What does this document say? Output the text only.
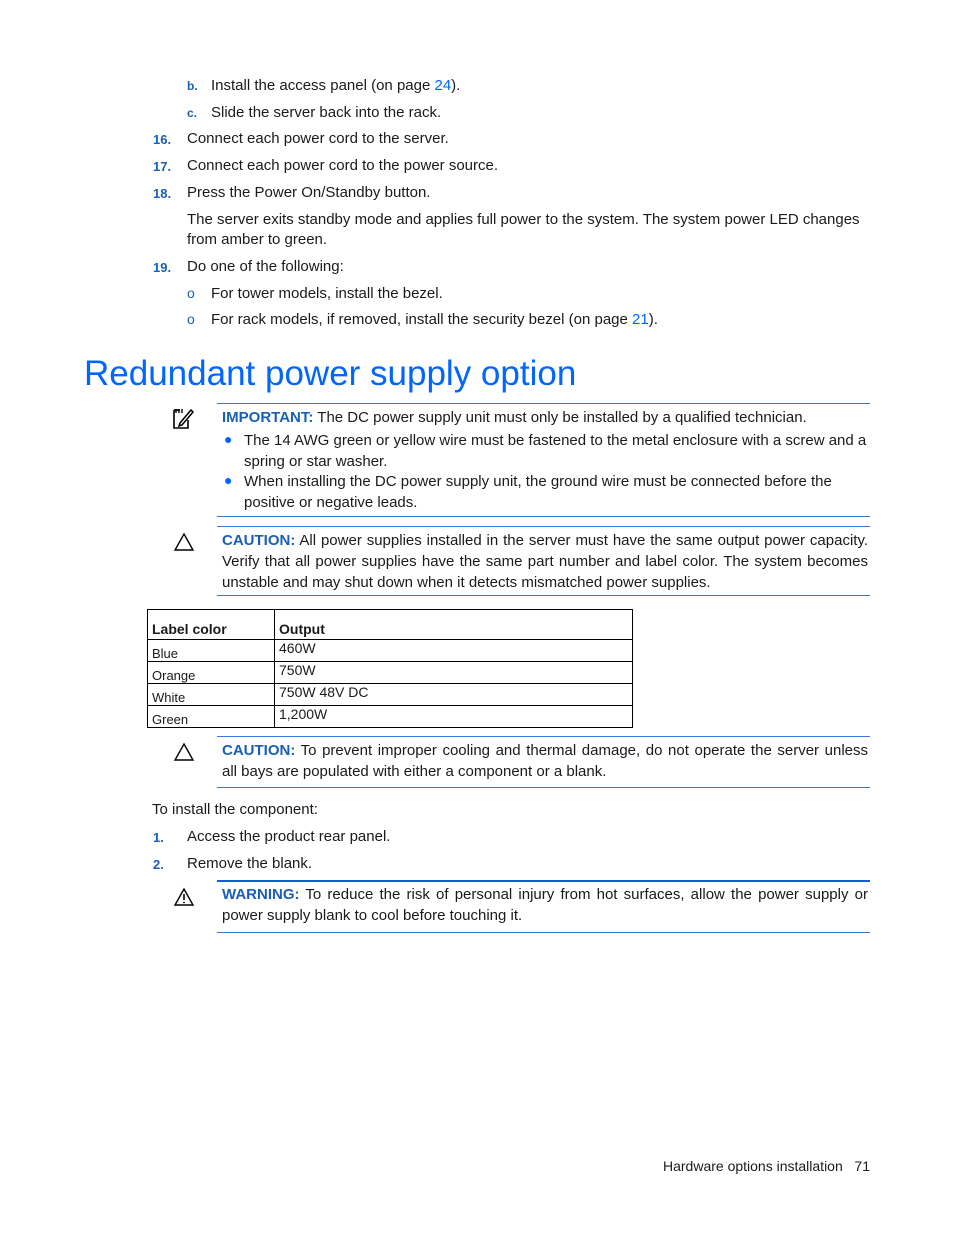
b. Install the access panel (on page 24).
c. Slide the server back into the rack.
16. Connect each power cord to the server.
17. Connect each power cord to the power source.
18. Press the Power On/Standby button.
The server exits standby mode and applies full power to the system. The system power LED changes from amber to green.
19. Do one of the following:
o For tower models, install the bezel.
o For rack models, if removed, install the security bezel (on page 21).
Redundant power supply option
IMPORTANT: The DC power supply unit must only be installed by a qualified technician.
● The 14 AWG green or yellow wire must be fastened to the metal enclosure with a screw and a spring or star washer.
● When installing the DC power supply unit, the ground wire must be connected before the positive or negative leads.
CAUTION: All power supplies installed in the server must have the same output power capacity. Verify that all power supplies have the same part number and label color. The system becomes unstable and may shut down when it detects mismatched power supplies.
Label color	Output
Blue	460W
Orange	750W
White	750W 48V DC
Green	1,200W
CAUTION: To prevent improper cooling and thermal damage, do not operate the server unless all bays are populated with either a component or a blank.
To install the component:
1. Access the product rear panel.
2. Remove the blank.
WARNING: To reduce the risk of personal injury from hot surfaces, allow the power supply or power supply blank to cool before touching it.
Hardware options installation 71
